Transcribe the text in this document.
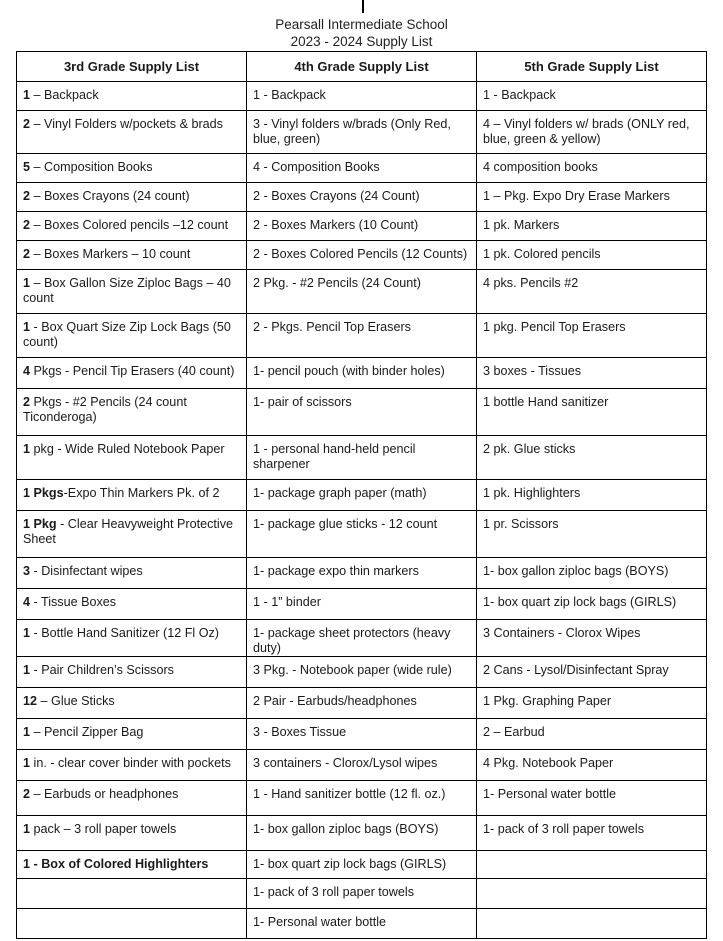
Pearsall Intermediate School
2023 - 2024 Supply List
3rd Grade Supply List	4th Grade Supply List	5th Grade Supply List
1 – Backpack	1 - Backpack	1 - Backpack
2 – Vinyl Folders w/pockets & brads	3 - Vinyl folders w/brads (Only Red, blue, green)	4 – Vinyl folders w/ brads (ONLY red, blue, green & yellow)
5 – Composition Books	4 - Composition Books	4 composition books
2 – Boxes Crayons (24 count)	2 - Boxes Crayons (24 Count)	1 – Pkg. Expo Dry Erase Markers
2 – Boxes Colored pencils –12 count	2 - Boxes Markers (10 Count)	1 pk. Markers
2 – Boxes Markers – 10 count	2 - Boxes Colored Pencils (12 Counts)	1 pk. Colored pencils
1 – Box Gallon Size Ziploc Bags – 40 count	2 Pkg. - #2 Pencils (24 Count)	4 pks. Pencils #2
1 - Box Quart Size Zip Lock Bags (50 count)	2 - Pkgs. Pencil Top Erasers	1 pkg. Pencil Top Erasers
4 Pkgs - Pencil Tip Erasers (40 count)	1- pencil pouch (with binder holes)	3 boxes - Tissues
2 Pkgs - #2 Pencils (24 count Ticonderoga)	1- pair of scissors	1 bottle Hand sanitizer
1 pkg - Wide Ruled Notebook Paper	1 - personal hand-held pencil sharpener	2 pk. Glue sticks
1 Pkgs-Expo Thin Markers Pk. of 2	1- package graph paper (math)	1 pk. Highlighters
1 Pkg - Clear Heavyweight Protective Sheet	1- package glue sticks - 12 count	1 pr. Scissors
3 - Disinfectant wipes	1- package expo thin markers	1- box gallon ziploc bags (BOYS)
4 - Tissue Boxes	1 - 1” binder	1- box quart zip lock bags (GIRLS)
1 - Bottle Hand Sanitizer (12 Fl Oz)	1- package sheet protectors (heavy duty)	3 Containers - Clorox Wipes
1 - Pair Children’s Scissors	3 Pkg. - Notebook paper (wide rule)	2 Cans - Lysol/Disinfectant Spray
12 – Glue Sticks	2 Pair - Earbuds/headphones	1 Pkg. Graphing Paper
1 – Pencil Zipper Bag	3 - Boxes Tissue	2 – Earbud
1 in. - clear cover binder with pockets	3 containers - Clorox/Lysol wipes	4 Pkg. Notebook Paper
2 – Earbuds or headphones	1 - Hand sanitizer bottle (12 fl. oz.)	1- Personal water bottle
1 pack – 3 roll paper towels	1- box gallon ziploc bags (BOYS)	1- pack of 3 roll paper towels
1 - Box of Colored Highlighters	1- box quart zip lock bags (GIRLS)	
	1- pack of 3 roll paper towels	
	1- Personal water bottle	
